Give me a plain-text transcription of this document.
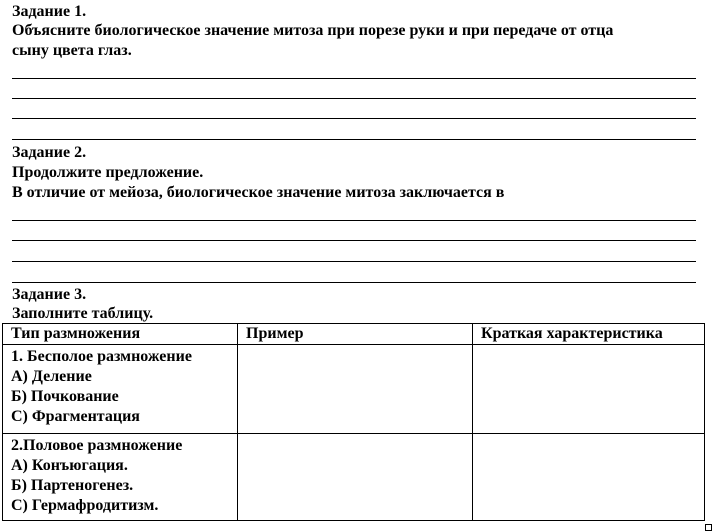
Задание 1.
Объясните биологическое значение митоза при порезе руки и при передаче от отца
сыну цвета глаз.
Задание 2.
Продолжите предложение.
В отличие от мейоза, биологическое значение митоза заключается в
Задание 3.
Заполните таблицу.
Тип размножения	Пример	Краткая характеристика

1. Бесполое размножение
А) Деление
Б) Почкование
С) Фрагментация		

2.Половое размножение
А) Конъюгация.
Б) Партеногенез.
С) Гермафродитизм.		
